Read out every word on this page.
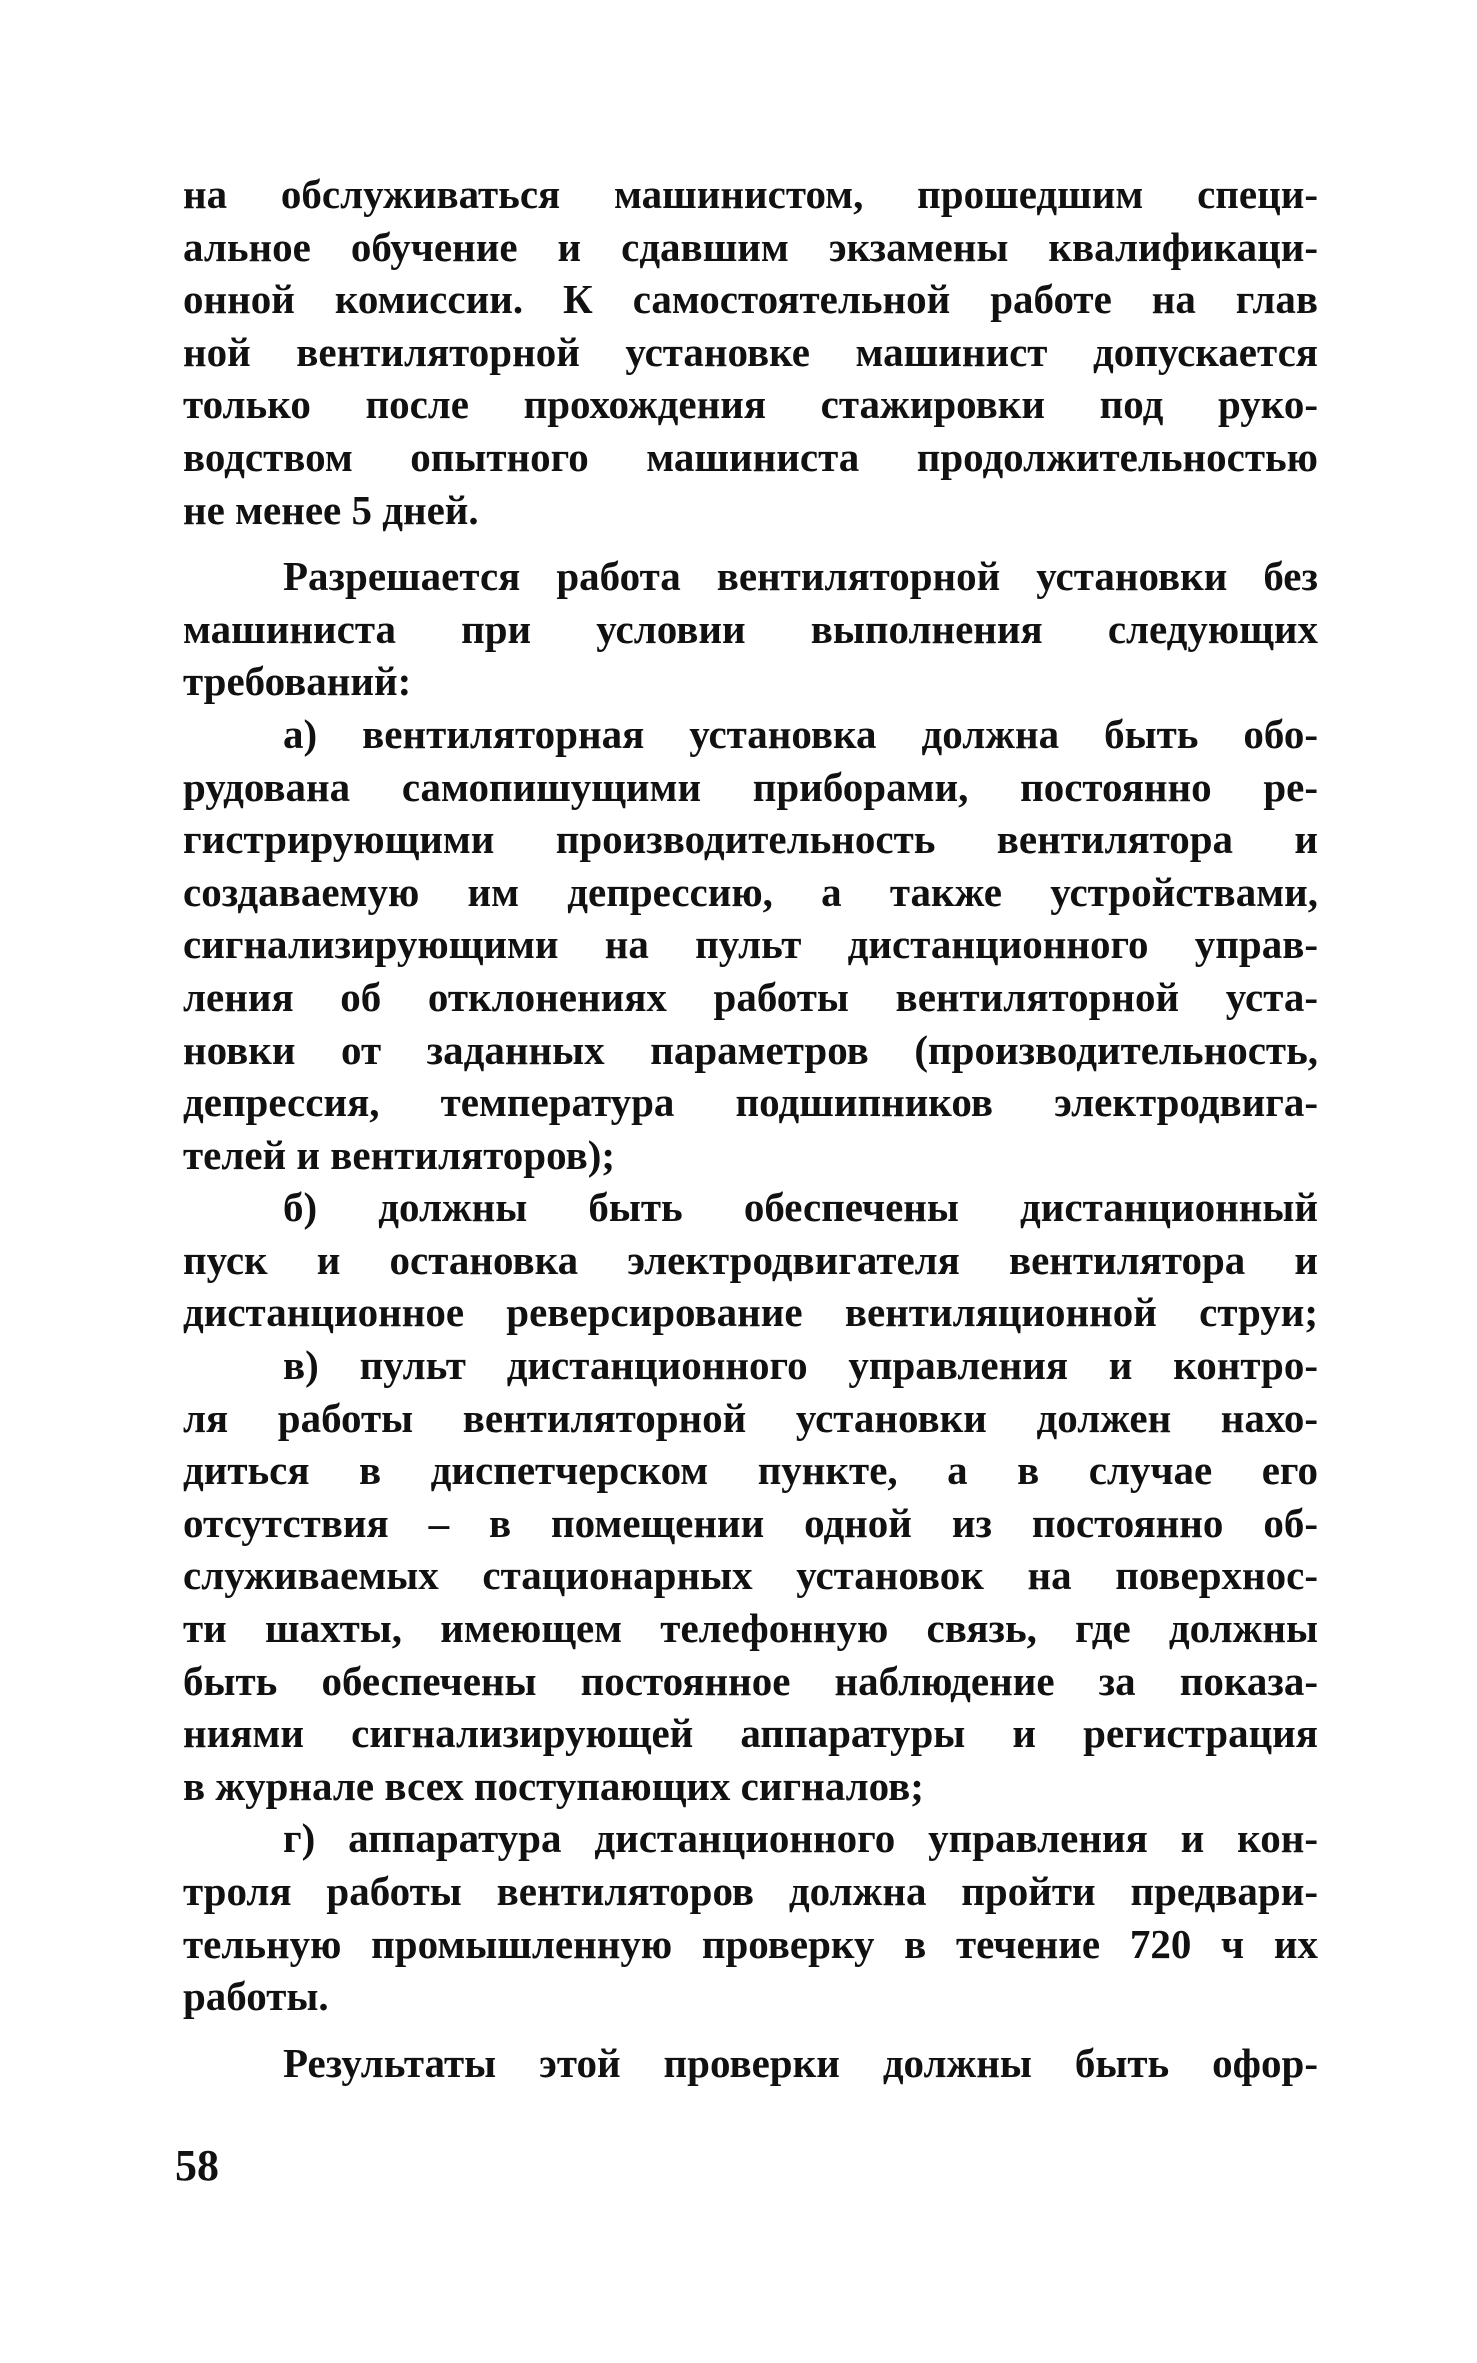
на обслуживаться машинистом, прошедшим специ-
альное обучение и сдавшим экзамены квалификаци-
онной комиссии. К самостоятельной работе на глав
ной вентиляторной установке машинист допускается
только после прохождения стажировки под руко-
водством опытного машиниста продолжительностью
не менее 5 дней.
Разрешается работа вентиляторной установки без
машиниста при условии выполнения следующих
требований:
а) вентиляторная установка должна быть обо-
рудована самопишущими приборами, постоянно ре-
гистрирующими производительность вентилятора и
создаваемую им депрессию, а также устройствами,
сигнализирующими на пульт дистанционного управ-
ления об отклонениях работы вентиляторной уста-
новки от заданных параметров (производительность,
депрессия, температура подшипников электродвига-
телей и вентиляторов);
б) должны быть обеспечены дистанционный
пуск и остановка электродвигателя вентилятора и
дистанционное реверсирование вентиляционной струи;
в) пульт дистанционного управления и контро-
ля работы вентиляторной установки должен нахо-
диться в диспетчерском пункте, а в случае его
отсутствия – в помещении одной из постоянно об-
служиваемых стационарных установок на поверхнос-
ти шахты, имеющем телефонную связь, где должны
быть обеспечены постоянное наблюдение за показа-
ниями сигнализирующей аппаратуры и регистрация
в журнале всех поступающих сигналов;
г) аппаратура дистанционного управления и кон-
троля работы вентиляторов должна пройти предвари-
тельную промышленную проверку в течение 720 ч их
работы.
Результаты этой проверки должны быть офор-
58
